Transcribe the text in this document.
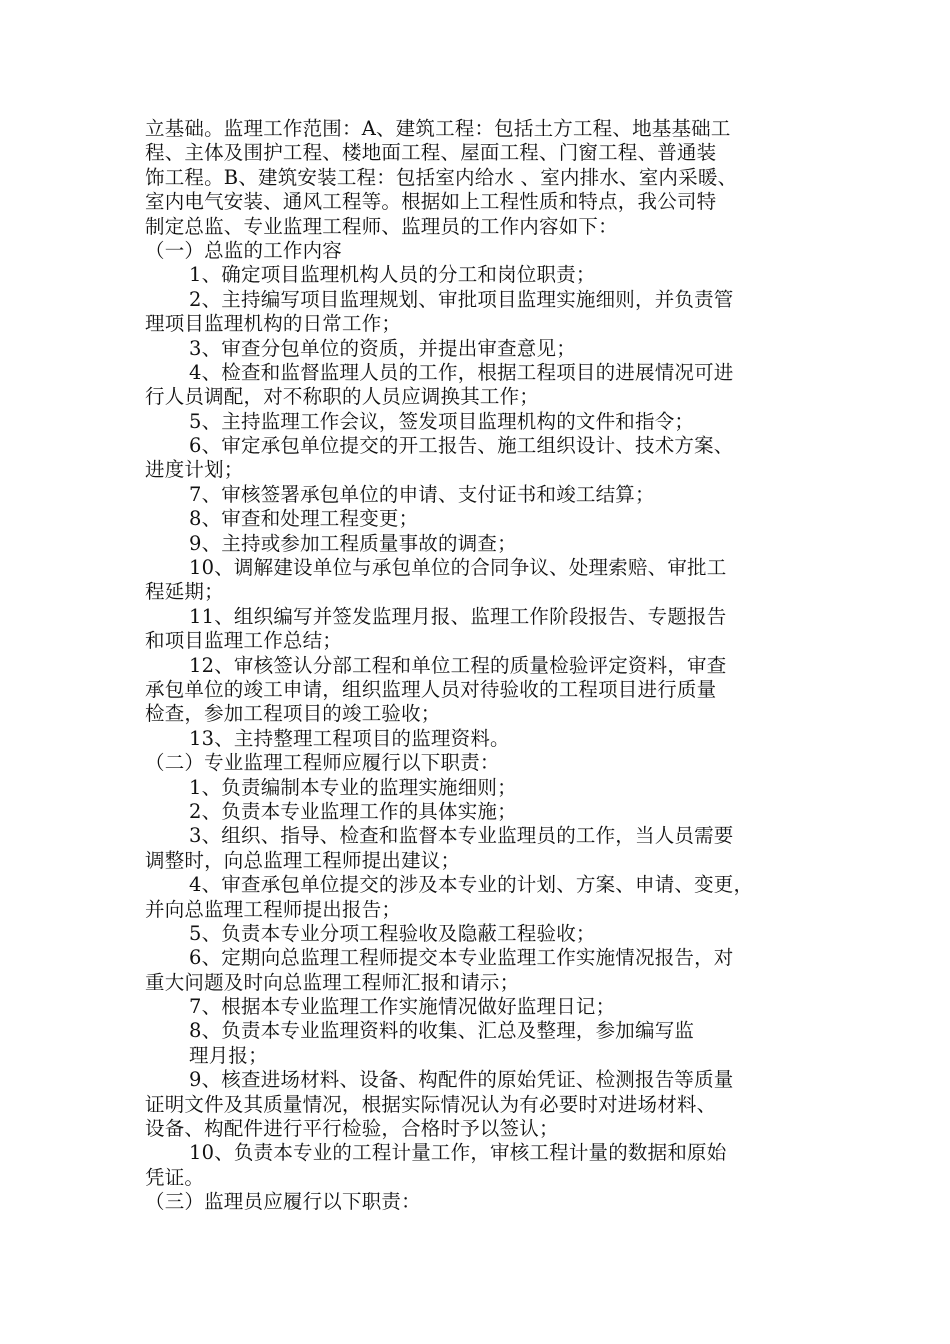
立基础。监理工作范围：A、建筑工程：包括土方工程、地基基础工
程、主体及围护工程、楼地面工程、屋面工程、门窗工程、普通装
饰工程。B、建筑安装工程：包括室内给水 、室内排水、室内采暖、
室内电气安装、通风工程等。根据如上工程性质和特点，我公司特
制定总监、专业监理工程师、监理员的工作内容如下：
（一）总监的工作内容
1、确定项目监理机构人员的分工和岗位职责；
2、主持编写项目监理规划、审批项目监理实施细则，并负责管
理项目监理机构的日常工作；
3、审查分包单位的资质，并提出审查意见；
4、检查和监督监理人员的工作，根据工程项目的进展情况可进
行人员调配，对不称职的人员应调换其工作；
5、主持监理工作会议，签发项目监理机构的文件和指令；
6、审定承包单位提交的开工报告、施工组织设计、技术方案、
进度计划；
7、审核签署承包单位的申请、支付证书和竣工结算；
8、审查和处理工程变更；
9、主持或参加工程质量事故的调查；
10、调解建设单位与承包单位的合同争议、处理索赔、审批工
程延期；
11、组织编写并签发监理月报、监理工作阶段报告、专题报告
和项目监理工作总结；
12、审核签认分部工程和单位工程的质量检验评定资料，审查
承包单位的竣工申请，组织监理人员对待验收的工程项目进行质量
检查，参加工程项目的竣工验收；
13、主持整理工程项目的监理资料。
（二）专业监理工程师应履行以下职责：
1、负责编制本专业的监理实施细则；
2、负责本专业监理工作的具体实施；
3、组织、指导、检查和监督本专业监理员的工作，当人员需要
调整时，向总监理工程师提出建议；
4、审查承包单位提交的涉及本专业的计划、方案、申请、变更，
并向总监理工程师提出报告；
5、负责本专业分项工程验收及隐蔽工程验收；
6、定期向总监理工程师提交本专业监理工作实施情况报告，对
重大问题及时向总监理工程师汇报和请示；
7、根据本专业监理工作实施情况做好监理日记；
8、负责本专业监理资料的收集、汇总及整理，参加编写监
理月报；
9、核查进场材料、设备、构配件的原始凭证、检测报告等质量
证明文件及其质量情况，根据实际情况认为有必要时对进场材料、
设备、构配件进行平行检验，合格时予以签认；
10、负责本专业的工程计量工作，审核工程计量的数据和原始
凭证。
（三）监理员应履行以下职责：
